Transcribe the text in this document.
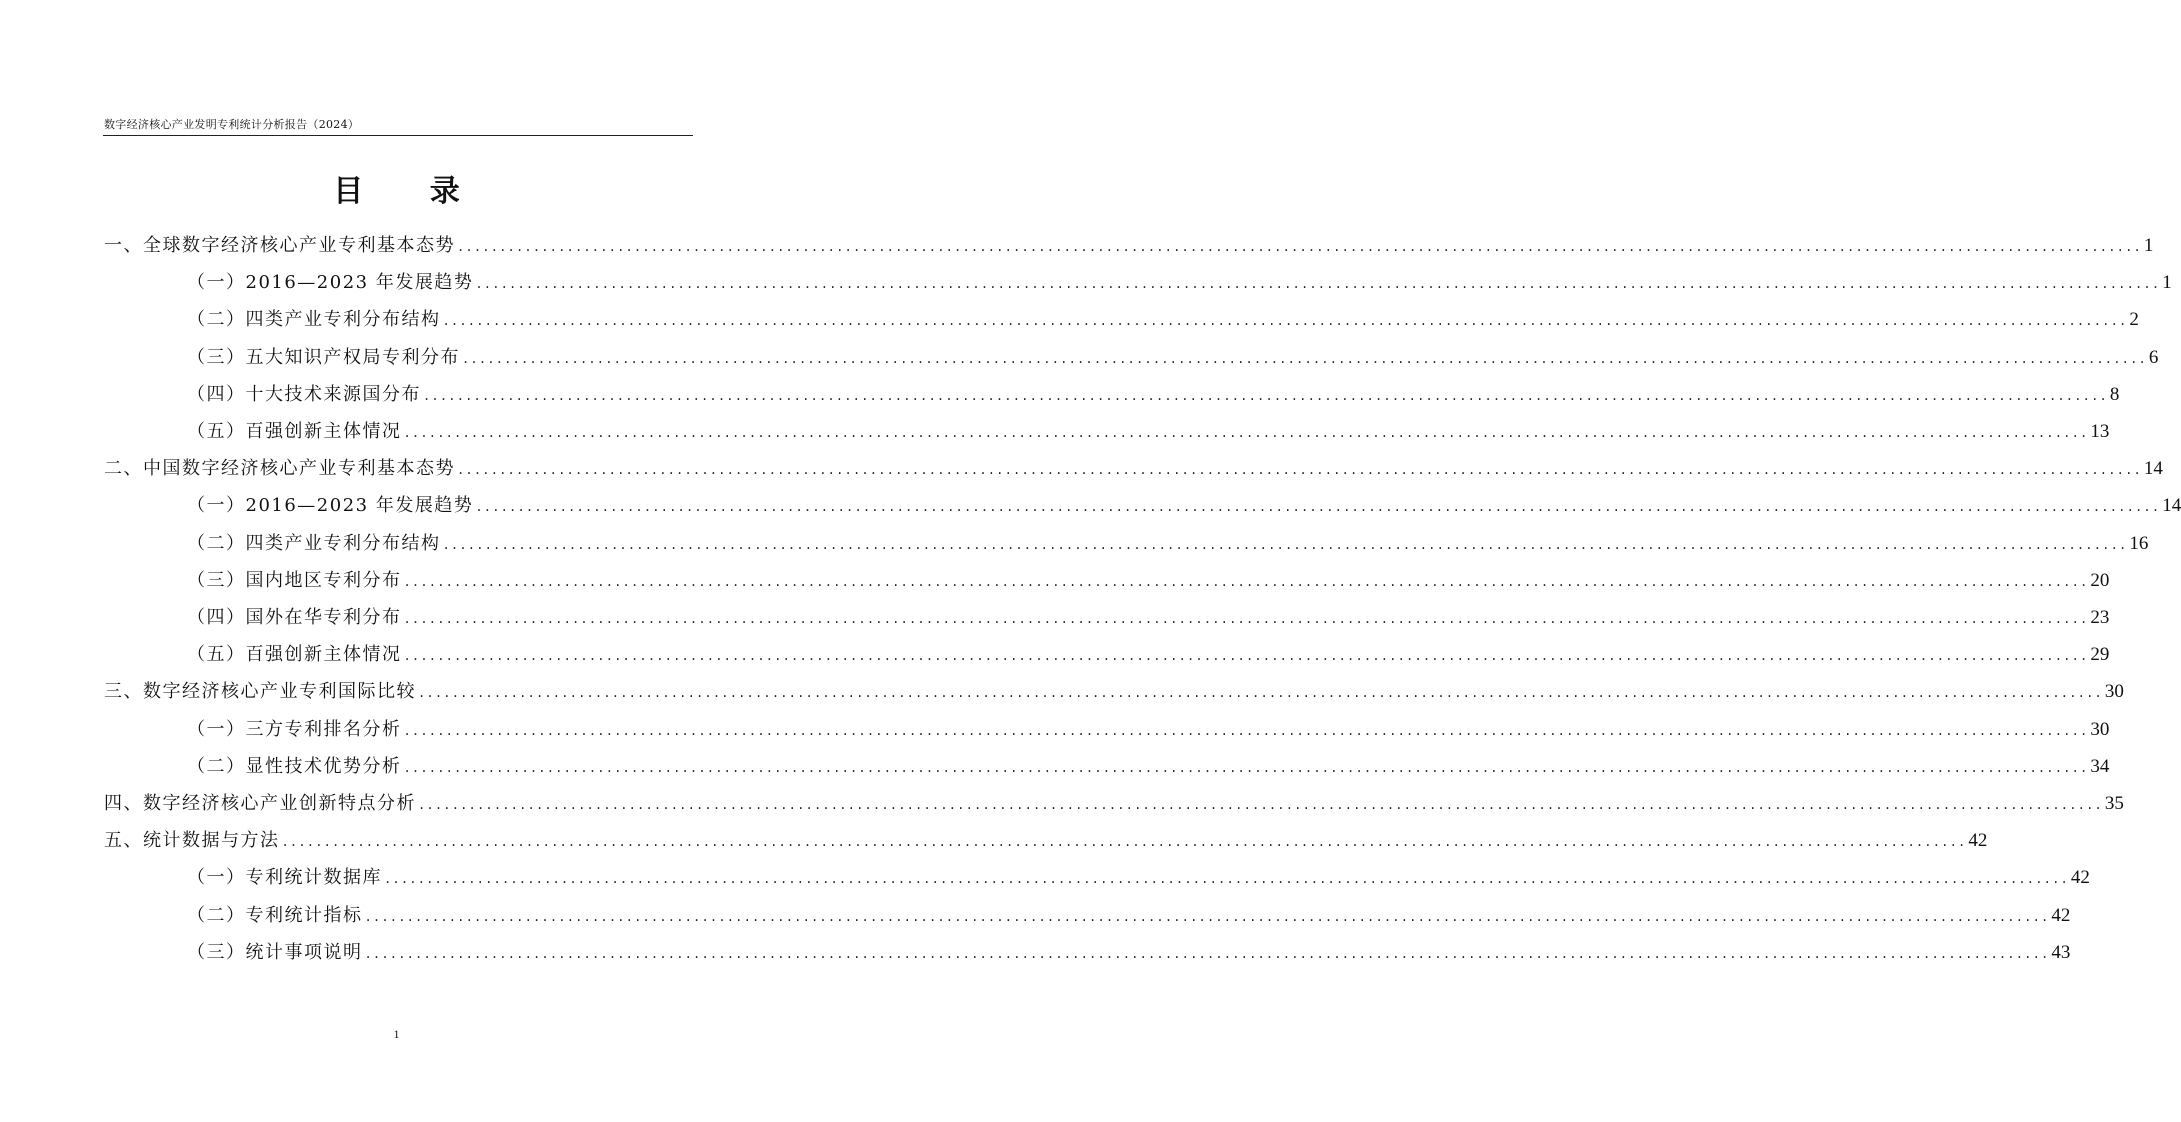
数字经济核心产业发明专利统计分析报告（2024）
目 录
一、全球数字经济核心产业专利基本态势 ........................................................................................................................................................................................................ 1
（一）2016—2023 年发展趋势 ........................................................................................................................................................................................................ 1
（二）四类产业专利分布结构 ........................................................................................................................................................................................................ 2
（三）五大知识产权局专利分布 ........................................................................................................................................................................................................ 6
（四）十大技术来源国分布 ........................................................................................................................................................................................................ 8
（五）百强创新主体情况 ........................................................................................................................................................................................................ 13
二、中国数字经济核心产业专利基本态势 ........................................................................................................................................................................................................ 14
（一）2016—2023 年发展趋势 ........................................................................................................................................................................................................ 14
（二）四类产业专利分布结构 ........................................................................................................................................................................................................ 16
（三）国内地区专利分布 ........................................................................................................................................................................................................ 20
（四）国外在华专利分布 ........................................................................................................................................................................................................ 23
（五）百强创新主体情况 ........................................................................................................................................................................................................ 29
三、数字经济核心产业专利国际比较 ........................................................................................................................................................................................................ 30
（一）三方专利排名分析 ........................................................................................................................................................................................................ 30
（二）显性技术优势分析 ........................................................................................................................................................................................................ 34
四、数字经济核心产业创新特点分析 ........................................................................................................................................................................................................ 35
五、统计数据与方法 ........................................................................................................................................................................................................ 42
（一）专利统计数据库 ........................................................................................................................................................................................................ 42
（二）专利统计指标 ........................................................................................................................................................................................................ 42
（三）统计事项说明 ........................................................................................................................................................................................................ 43
1
